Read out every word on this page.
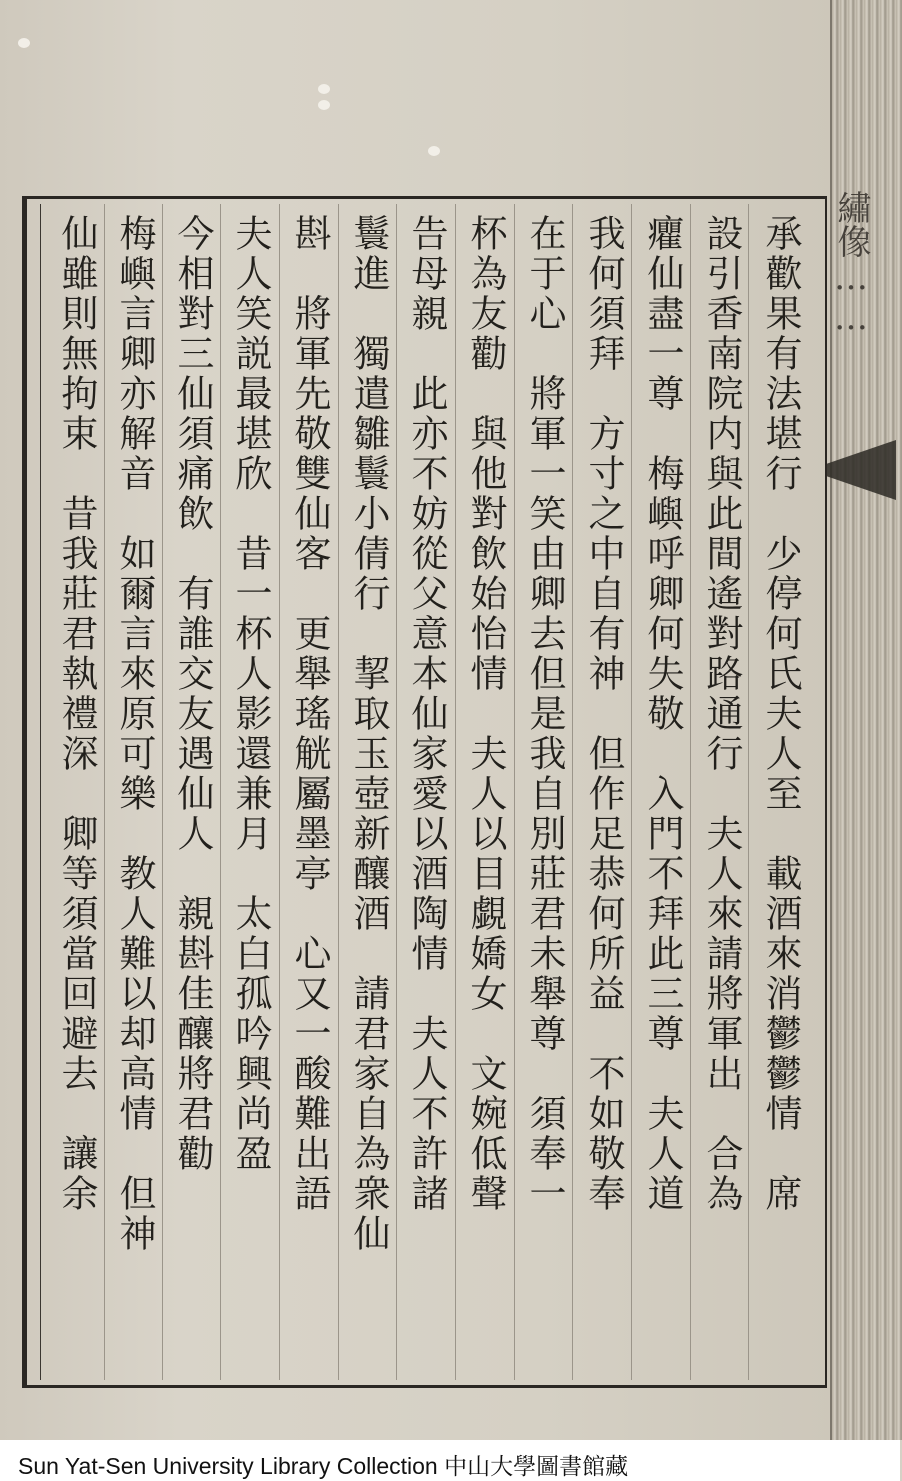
承歡果有法堪行　少停何氏夫人至　載酒來消鬱鬱情　席
設引香南院内與此間遙對路通行　夫人來請將軍出　合為
癯仙盡一尊　梅嶼呼卿何失敬　入門不拜此三尊　夫人道
我何須拜　方寸之中自有神　但作足恭何所益　不如敬奉
在于心　將軍一笑由卿去但是我自別莊君未舉尊　須奉一
杯為友勸　與他對飲始怡情　夫人以目覷嬌女　文婉低聲
告母親　此亦不妨從父意本仙家愛以酒陶情　夫人不許諸
鬟進　獨遣雛鬟小倩行　挈取玉壺新釀酒　請君家自為衆仙
斟　將軍先敬雙仙客　更舉瑤觥屬墨亭　心又一酸難出語
夫人笑説最堪欣　昔一杯人影還兼月　太白孤吟興尚盈
今相對三仙須痛飲　有誰交友遇仙人　親斟佳釀將君勸
梅嶼言卿亦解音　如爾言來原可樂　教人難以却高情　但神
仙雖則無拘束　昔我莊君執禮深　卿等須當回避去　讓余	繡像……
Sun Yat-Sen University Library Collection 中山大學圖書館藏
